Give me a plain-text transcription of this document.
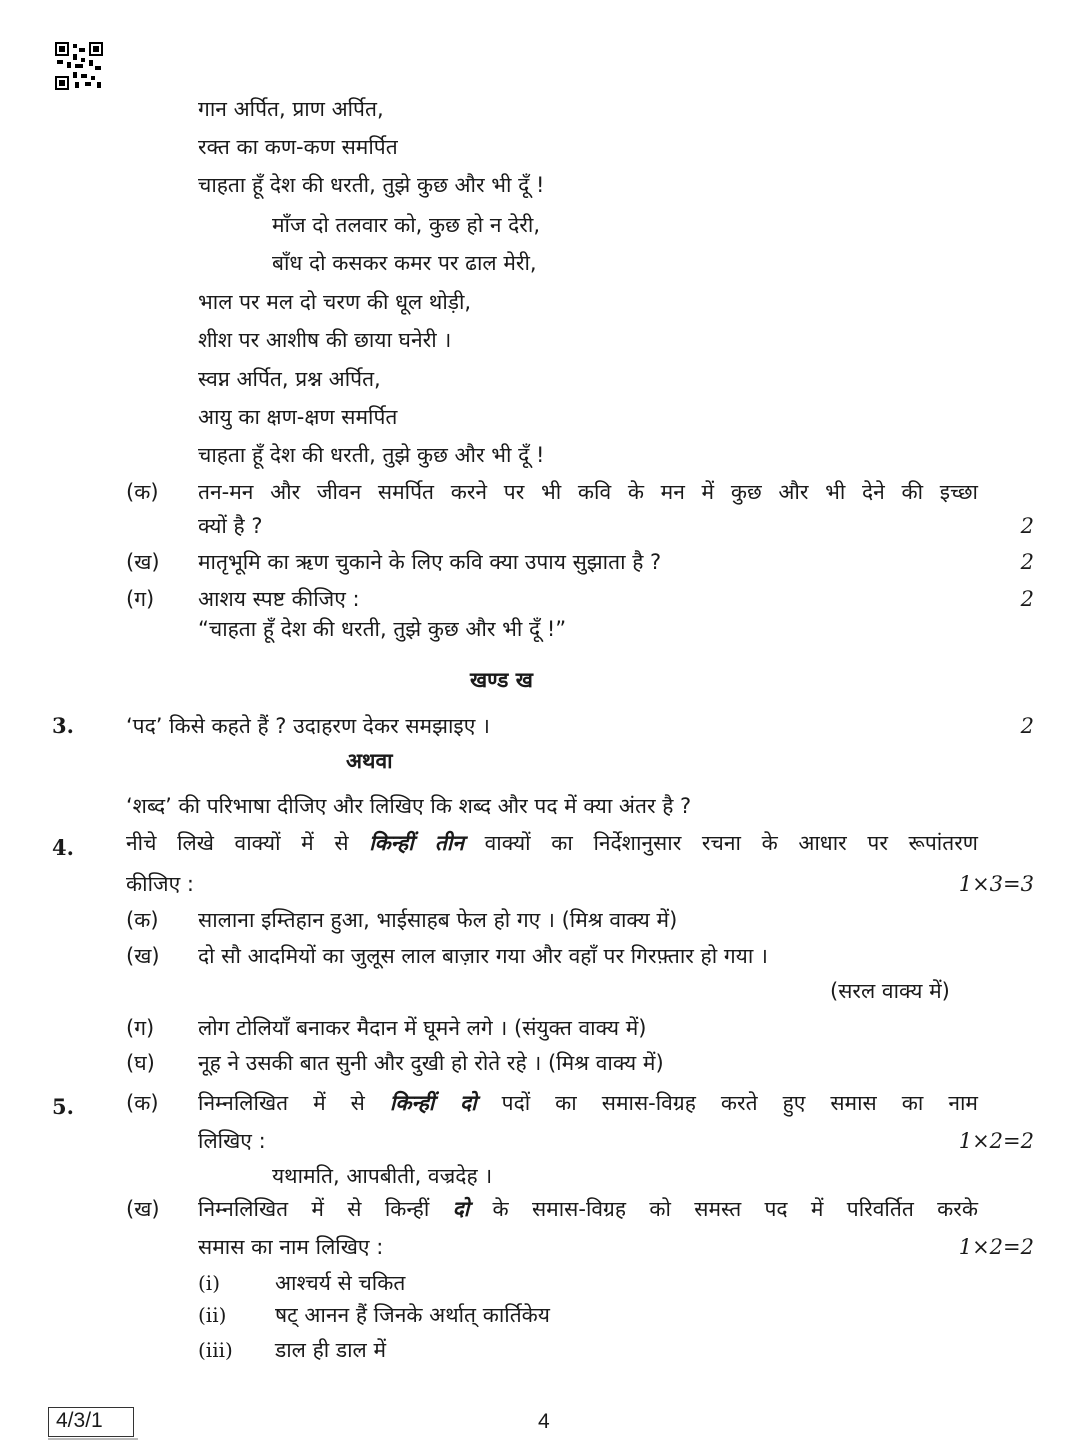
गान अर्पित, प्राण अर्पित,
रक्त का कण-कण समर्पित
चाहता हूँ देश की धरती, तुझे कुछ और भी दूँ !
माँज दो तलवार को, कुछ हो न देरी,
बाँध दो कसकर कमर पर ढाल मेरी,
भाल पर मल दो चरण की धूल थोड़ी,
शीश पर आशीष की छाया घनेरी ।
स्वप्न अर्पित, प्रश्न अर्पित,
आयु का क्षण-क्षण समर्पित
चाहता हूँ देश की धरती, तुझे कुछ और भी दूँ !
(क) तन-मन और जीवन समर्पित करने पर भी कवि के मन में कुछ और भी देने की इच्छा
क्यों है ?	2
(ख) मातृभूमि का ऋण चुकाने के लिए कवि क्या उपाय सुझाता है ?	2
(ग) आशय स्पष्ट कीजिए :	2
“चाहता हूँ देश की धरती, तुझे कुछ और भी दूँ !”
खण्ड ख
3. ‘पद’ किसे कहते हैं ? उदाहरण देकर समझाइए ।	2
अथवा
‘शब्द’ की परिभाषा दीजिए और लिखिए कि शब्द और पद में क्या अंतर है ?
4. नीचे लिखे वाक्यों में से किन्हीं तीन वाक्यों का निर्देशानुसार रचना के आधार पर रूपांतरण
कीजिए :	1×3=3
(क) सालाना इम्तिहान हुआ, भाईसाहब फेल हो गए । (मिश्र वाक्य में)
(ख) दो सौ आदमियों का जुलूस लाल बाज़ार गया और वहाँ पर गिरफ़्तार हो गया ।
(सरल वाक्य में)
(ग) लोग टोलियाँ बनाकर मैदान में घूमने लगे । (संयुक्त वाक्य में)
(घ) नूह ने उसकी बात सुनी और दुखी हो रोते रहे । (मिश्र वाक्य में)
5. (क) निम्नलिखित में से किन्हीं दो पदों का समास-विग्रह करते हुए समास का नाम
लिखिए :	1×2=2
यथामति, आपबीती, वज्रदेह ।
(ख) निम्नलिखित में से किन्हीं दो के समास-विग्रह को समस्त पद में परिवर्तित करके
समास का नाम लिखिए :	1×2=2
(i)	आश्चर्य से चकित
(ii) षट् आनन हैं जिनके अर्थात् कार्तिकेय
(iii) डाल ही डाल में
4/3/1	4
